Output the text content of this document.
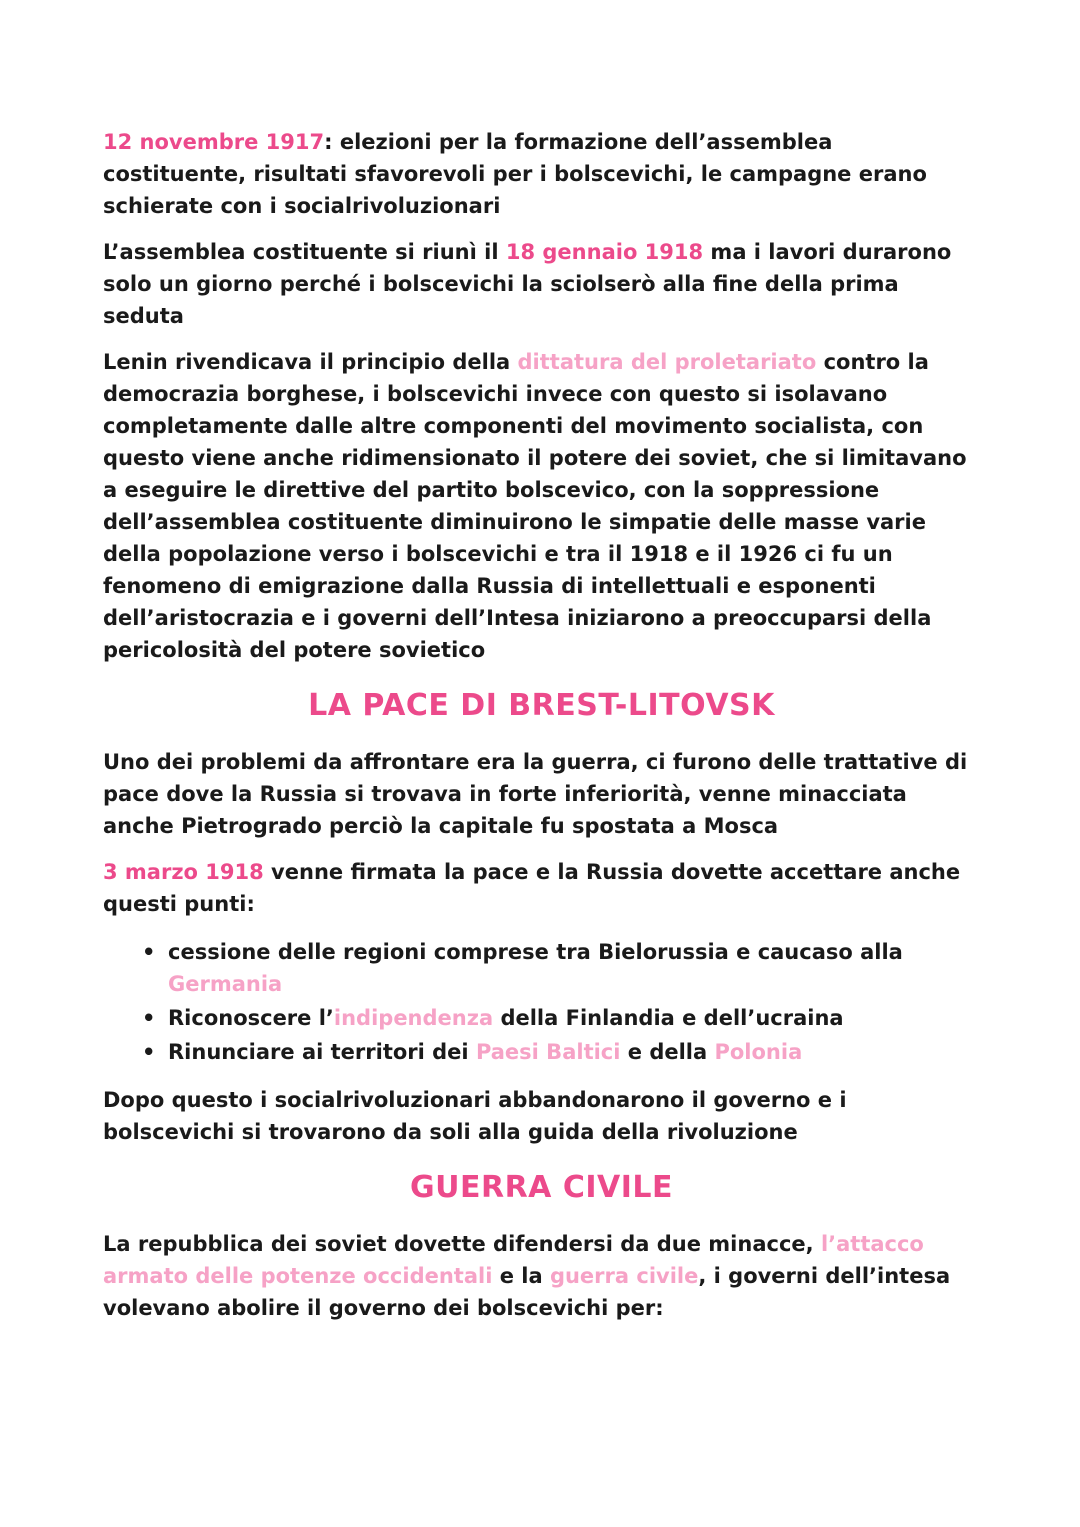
12 novembre 1917: elezioni per la formazione dell’assemblea costituente, risultati sfavorevoli per i bolscevichi, le campagne erano schierate con i socialrivoluzionari

L’assemblea costituente si riunì il 18 gennaio 1918 ma i lavori durarono solo un giorno perché i bolscevichi la sciolserò alla fine della prima seduta

Lenin rivendicava il principio della dittatura del proletariato contro la democrazia borghese, i bolscevichi invece con questo si isolavano completamente dalle altre componenti del movimento socialista, con questo viene anche ridimensionato il potere dei soviet, che si limitavano a eseguire le direttive del partito bolscevico, con la soppressione dell’assemblea costituente diminuirono le simpatie delle masse varie della popolazione verso i bolscevichi e tra il 1918 e il 1926 ci fu un fenomeno di emigrazione dalla Russia di intellettuali e esponenti dell’aristocrazia e i governi dell’Intesa iniziarono a preoccuparsi della pericolosità del potere sovietico

LA PACE DI BREST-LITOVSK

Uno dei problemi da affrontare era la guerra, ci furono delle trattative di pace dove la Russia si trovava in forte inferiorità, venne minacciata anche Pietrogrado perciò la capitale fu spostata a Mosca

3 marzo 1918 venne firmata la pace e la Russia dovette accettare anche questi punti:

• cessione delle regioni comprese tra Bielorussia e caucaso alla Germania
• Riconoscere l’indipendenza della Finlandia e dell’ucraina
• Rinunciare ai territori dei Paesi Baltici e della Polonia

Dopo questo i socialrivoluzionari abbandonarono il governo e i bolscevichi si trovarono da soli alla guida della rivoluzione

GUERRA CIVILE

La repubblica dei soviet dovette difendersi da due minacce, l’attacco armato delle potenze occidentali e la guerra civile, i governi dell’intesa volevano abolire il governo dei bolscevichi per:
